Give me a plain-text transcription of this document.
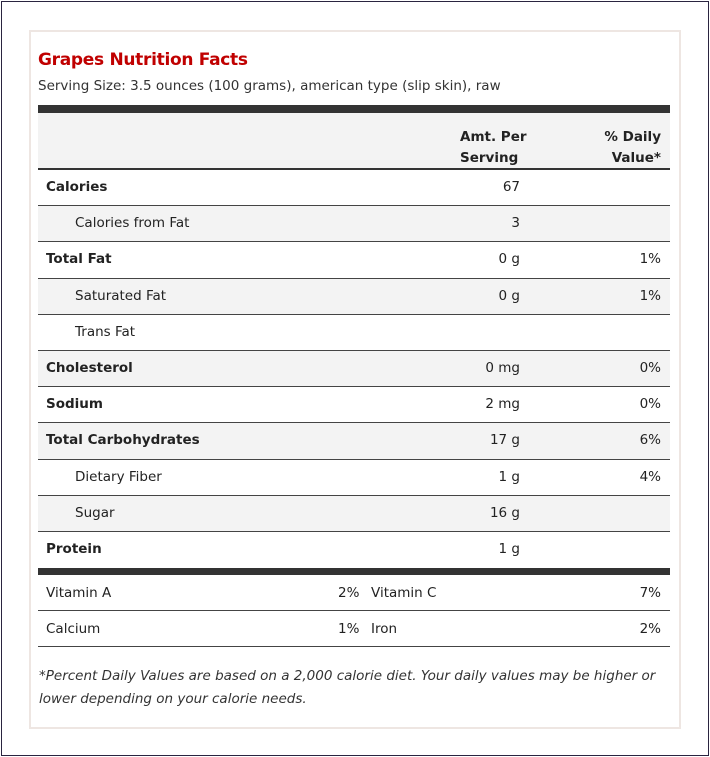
Grapes Nutrition Facts
Serving Size: 3.5 ounces (100 grams), american type (slip skin), raw
Amt. Per
Serving
% Daily
Value*
Calories	67
Calories from Fat	3
Total Fat	0 g	1%
Saturated Fat	0 g	1%
Trans Fat
Cholesterol	0 mg	0%
Sodium	2 mg	0%
Total Carbohydrates	17 g	6%
Dietary Fiber	1 g	4%
Sugar	16 g
Protein	1 g
Vitamin A	2% Vitamin C	7%
Calcium	1% Iron	2%
*Percent Daily Values are based on a 2,000 calorie diet. Your daily values may be higher or lower depending on your calorie needs.
